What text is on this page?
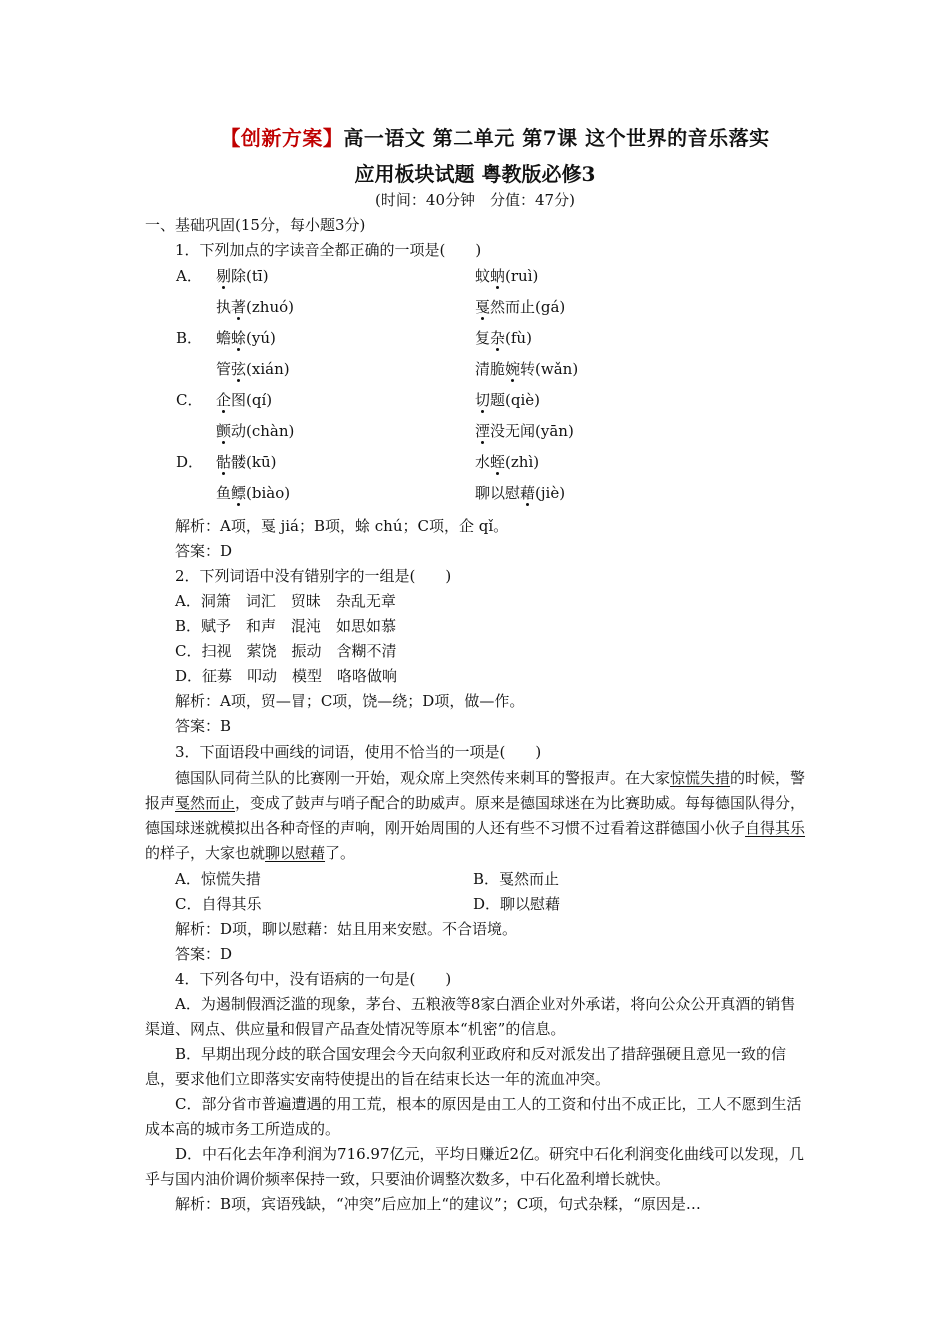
【创新方案】高一语文 第二单元 第7课 这个世界的音乐落实
应用板块试题 粤教版必修3
(时间：40分钟　分值：47分)
一、基础巩固(15分，每小题3分)
1．下列加点的字读音全都正确的一项是(　　)
A． 剔除(tī)	蚊蚋(ruì)
执著(zhuó)	戛然而止(gá)
B． 蟾蜍(yú)	复杂(fù)
管弦(xián)	清脆婉转(wǎn)
C． 企图(qí)	切题(qiè)
颤动(chàn)	湮没无闻(yān)
D． 骷髅(kū)	水蛭(zhì)
鱼鳔(biào)	聊以慰藉(jiè)
解析：A项，戛 jiá；B项，蜍 chú；C项，企 qǐ。
答案：D
2．下列词语中没有错别字的一组是(　　)
A．洞箫　词汇　贸昧　杂乱无章
B．赋予　和声　混沌　如思如慕
C．扫视　萦饶　振动　含糊不清
D．征募　叩动　模型　咯咯做响
解析：A项，贸—冒；C项，饶—绕；D项，做—作。
答案：B
3．下面语段中画线的词语，使用不恰当的一项是(　　)
德国队同荷兰队的比赛刚一开始，观众席上突然传来刺耳的警报声。在大家惊慌失措的时候，警报声戛然而止，变成了鼓声与哨子配合的助威声。原来是德国球迷在为比赛助威。每每德国队得分，德国球迷就模拟出各种奇怪的声响，刚开始周围的人还有些不习惯不过看着这群德国小伙子自得其乐的样子，大家也就聊以慰藉了。
A．惊慌失措	B．戛然而止
C．自得其乐	D．聊以慰藉
解析：D项，聊以慰藉：姑且用来安慰。不合语境。
答案：D
4．下列各句中，没有语病的一句是(　　)
A．为遏制假酒泛滥的现象，茅台、五粮液等8家白酒企业对外承诺，将向公众公开真酒的销售渠道、网点、供应量和假冒产品查处情况等原本“机密”的信息。
B．早期出现分歧的联合国安理会今天向叙利亚政府和反对派发出了措辞强硬且意见一致的信息，要求他们立即落实安南特使提出的旨在结束长达一年的流血冲突。
C．部分省市普遍遭遇的用工荒，根本的原因是由工人的工资和付出不成正比，工人不愿到生活成本高的城市务工所造成的。
D．中石化去年净利润为716.97亿元，平均日赚近2亿。研究中石化利润变化曲线可以发现，几乎与国内油价调价频率保持一致，只要油价调整次数多，中石化盈利增长就快。
解析：B项，宾语残缺，“冲突”后应加上“的建议”；C项，句式杂糅，“原因是…
